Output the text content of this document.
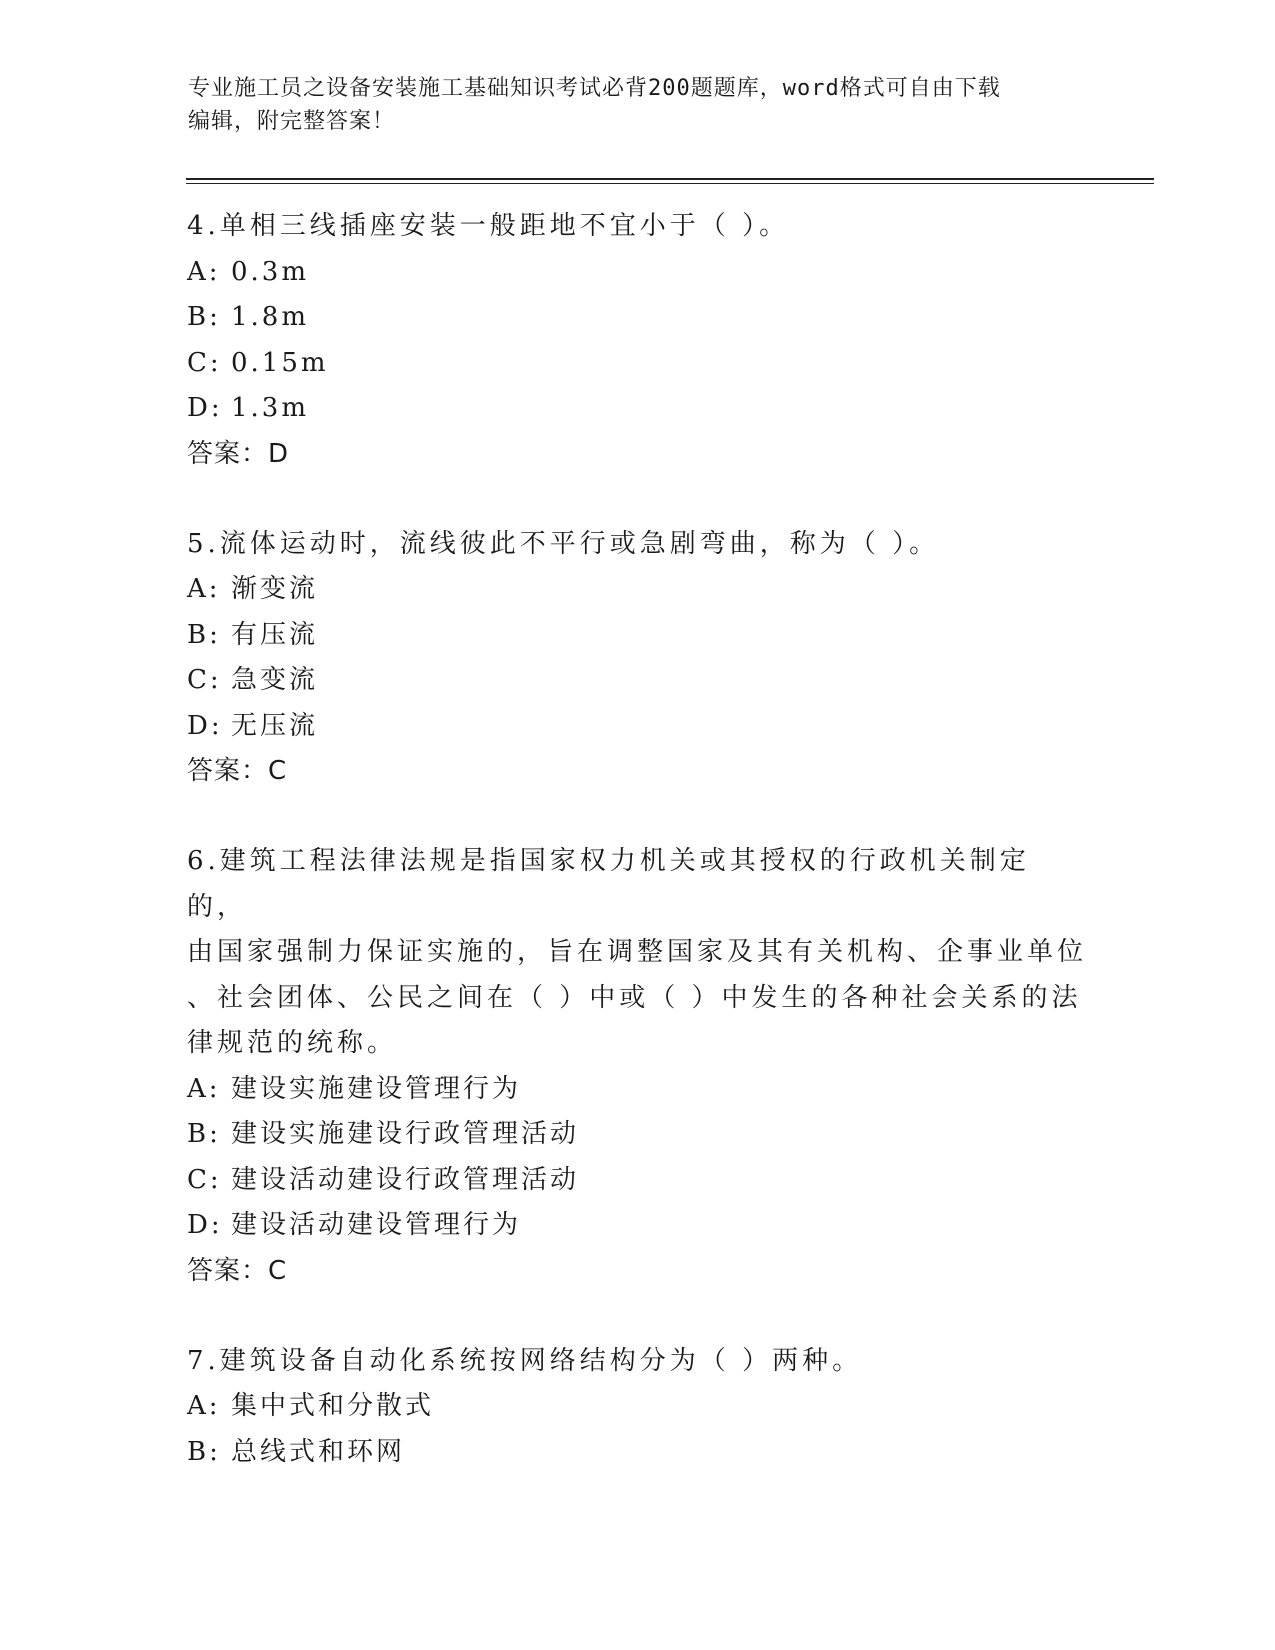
专业施工员之设备安装施工基础知识考试必背200题题库，word格式可自由下载
编辑，附完整答案！

4.单相三线插座安装一般距地不宜小于（ ）。

A: 0.3m

B: 1.8m

C: 0.15m

D: 1.3m

答案：D

5.流体运动时，流线彼此不平行或急剧弯曲，称为（ ）。

A: 渐变流

B: 有压流

C: 急变流

D: 无压流

答案：C

6.建筑工程法律法规是指国家权力机关或其授权的行政机关制定的，

由国家强制力保证实施的，旨在调整国家及其有关机构、企事业单位

、社会团体、公民之间在（ ）中或（ ）中发生的各种社会关系的法

律规范的统称。

A: 建设实施建设管理行为

B: 建设实施建设行政管理活动

C: 建设活动建设行政管理活动

D: 建设活动建设管理行为

答案：C

7.建筑设备自动化系统按网络结构分为（ ）两种。

A: 集中式和分散式

B: 总线式和环网
